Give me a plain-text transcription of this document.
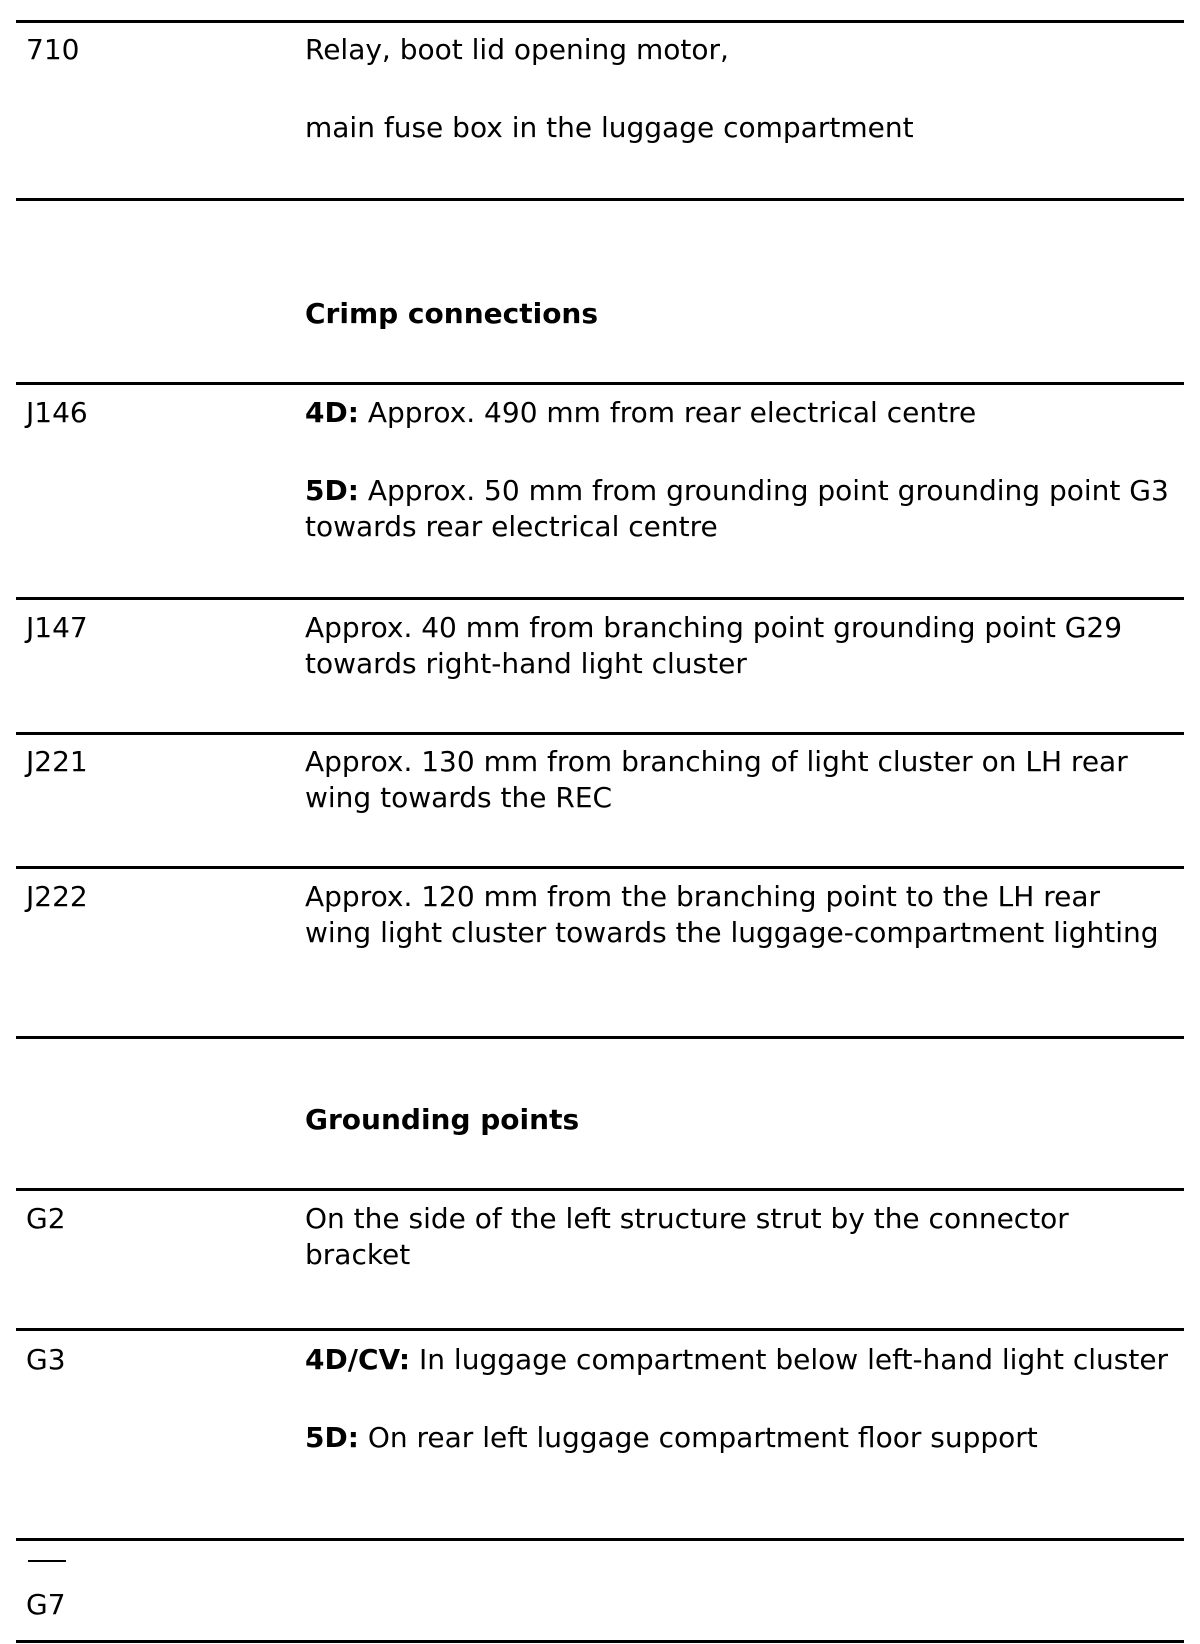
710	Relay, boot lid opening motor,

main fuse box in the luggage compartment

Crimp connections
J146	4D: Approx. 490 mm from rear electrical centre

5D: Approx. 50 mm from grounding point grounding point G3 towards rear electrical centre

J147	Approx. 40 mm from branching point grounding point G29 towards right-hand light cluster
J221	Approx. 130 mm from branching of light cluster on LH rear wing towards the REC
J222	Approx. 120 mm from the branching point to the LH rear wing light cluster towards the luggage-compartment lighting
Grounding points
G2	On the side of the left structure strut by the connector bracket
G3	4D/CV: In luggage compartment below left-hand light cluster

5D: On rear left luggage compartment floor support

G7
